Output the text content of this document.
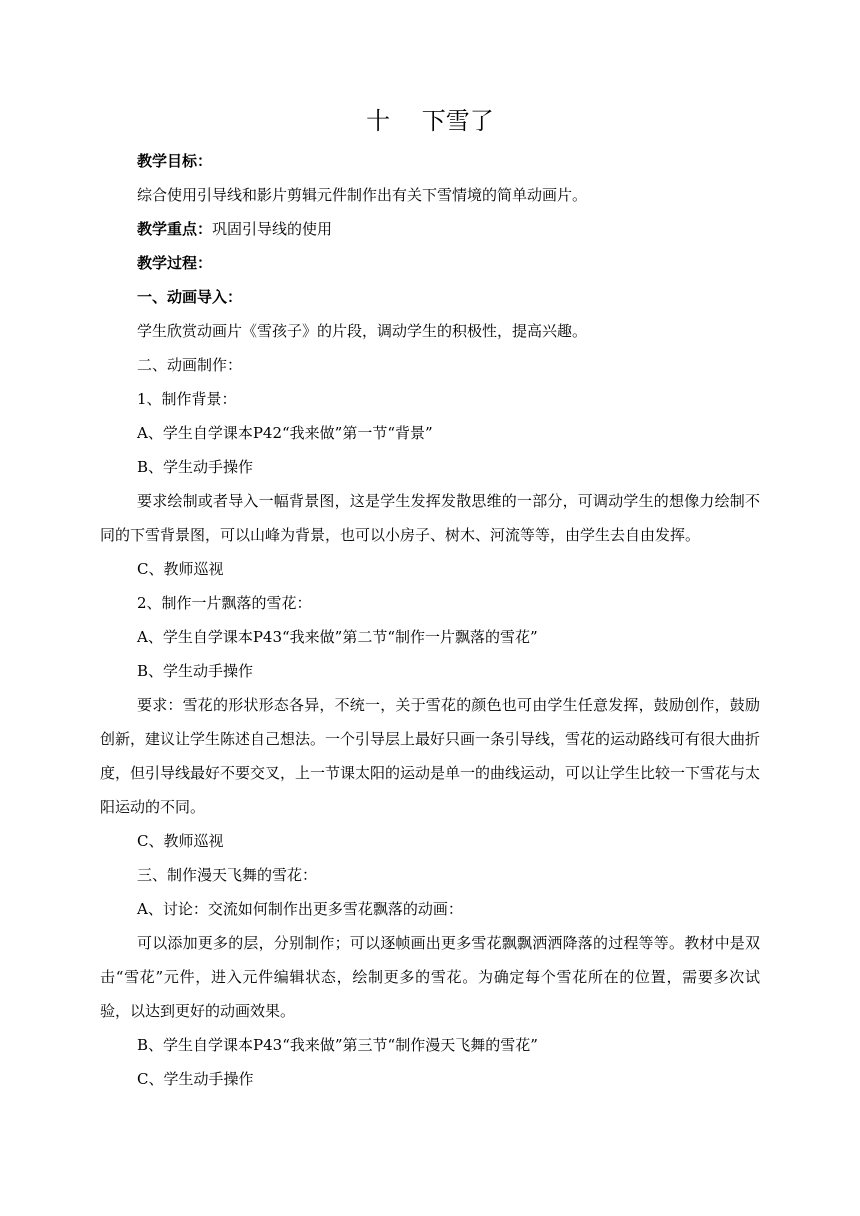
十　 下雪了

教学目标：

综合使用引导线和影片剪辑元件制作出有关下雪情境的简单动画片。

教学重点：巩固引导线的使用

教学过程：

一、动画导入：

学生欣赏动画片《雪孩子》的片段，调动学生的积极性，提高兴趣。

二、动画制作：

1、制作背景：

A、学生自学课本P42“我来做”第一节“背景”

B、学生动手操作

要求绘制或者导入一幅背景图，这是学生发挥发散思维的一部分，可调动学生的想像力绘制不同的下雪背景图，可以山峰为背景，也可以小房子、树木、河流等等，由学生去自由发挥。

C、教师巡视

2、制作一片飘落的雪花：

A、学生自学课本P43“我来做”第二节“制作一片飘落的雪花”

B、学生动手操作

要求：雪花的形状形态各异，不统一，关于雪花的颜色也可由学生任意发挥，鼓励创作，鼓励创新，建议让学生陈述自己想法。一个引导层上最好只画一条引导线，雪花的运动路线可有很大曲折度，但引导线最好不要交叉，上一节课太阳的运动是单一的曲线运动，可以让学生比较一下雪花与太阳运动的不同。

C、教师巡视

三、制作漫天飞舞的雪花：

A、讨论：交流如何制作出更多雪花飘落的动画：

可以添加更多的层，分别制作；可以逐帧画出更多雪花飘飘洒洒降落的过程等等。教材中是双击“雪花”元件，进入元件编辑状态，绘制更多的雪花。为确定每个雪花所在的位置，需要多次试验，以达到更好的动画效果。

B、学生自学课本P43“我来做”第三节“制作漫天飞舞的雪花”

C、学生动手操作
